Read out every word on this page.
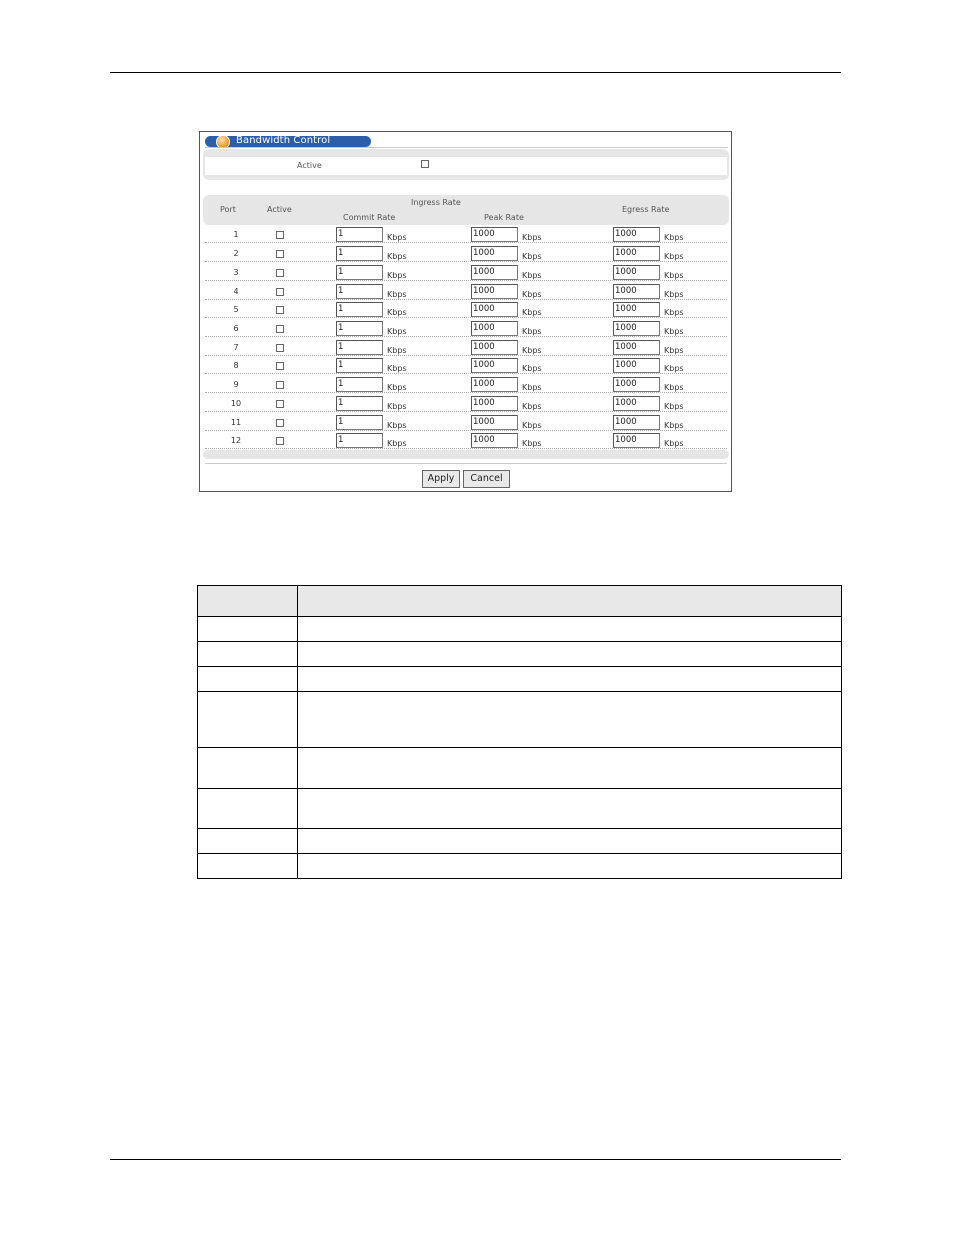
Bandwidth Control
Active
Port	Active
Ingress Rate
Commit Rate	Peak Rate
Egress Rate
1	1	Kbps	1000	Kbps	1000	Kbps
2	1	Kbps	1000	Kbps	1000	Kbps
3	1	Kbps	1000	Kbps	1000	Kbps
4	1	Kbps	1000	Kbps	1000	Kbps
5	1	Kbps	1000	Kbps	1000	Kbps
6	1	Kbps	1000	Kbps	1000	Kbps
7	1	Kbps	1000	Kbps	1000	Kbps
8	1	Kbps	1000	Kbps	1000	Kbps
9	1	Kbps	1000	Kbps	1000	Kbps
10	1	Kbps	1000	Kbps	1000	Kbps
11	1	Kbps	1000	Kbps	1000	Kbps
12	1	Kbps	1000	Kbps	1000	Kbps
Apply	Cancel
